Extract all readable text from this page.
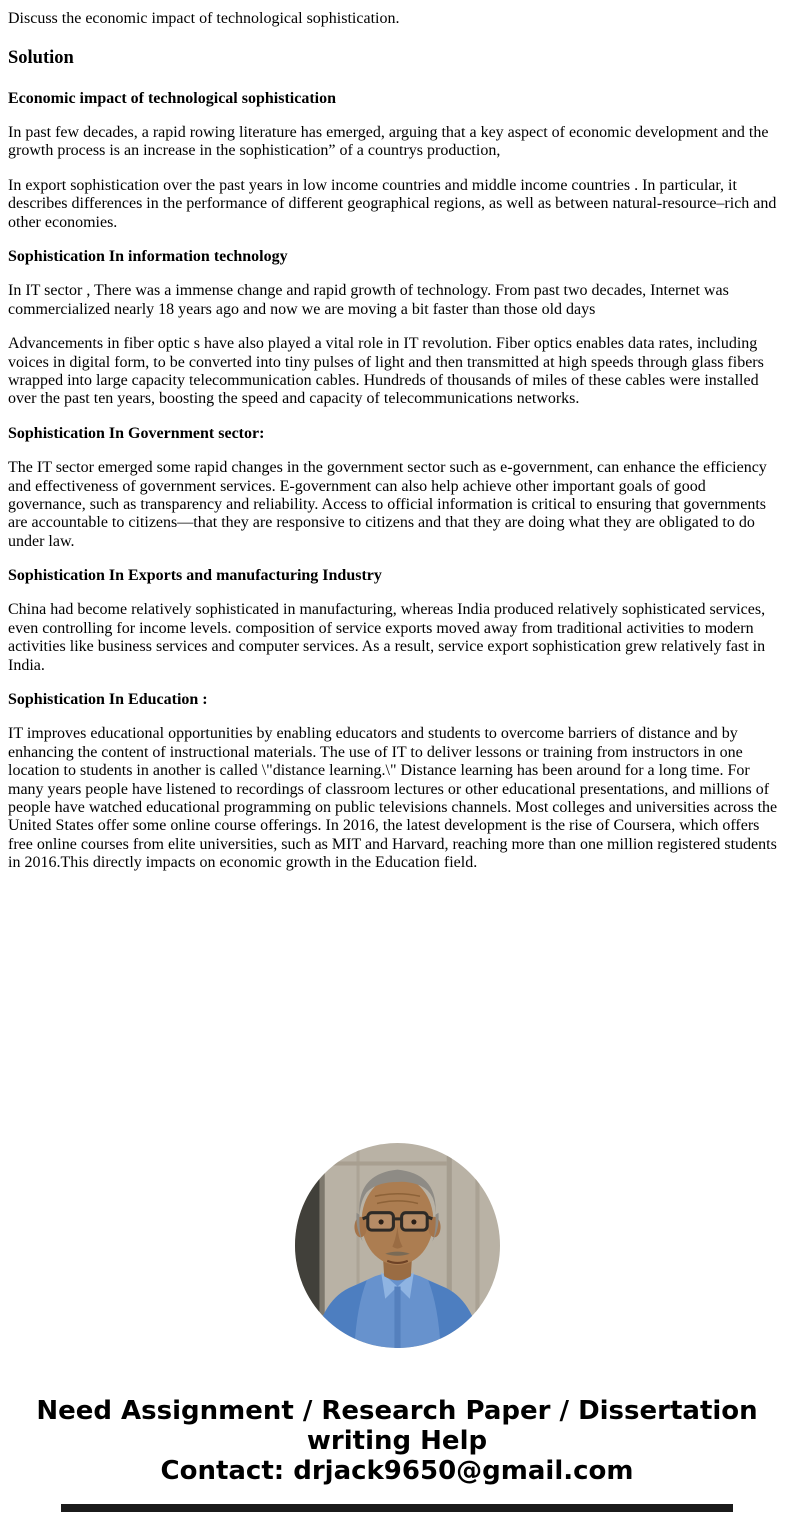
Discuss the economic impact of technological sophistication.

Solution
Economic impact of technological sophistication

In past few decades, a rapid rowing literature has emerged, arguing that a key aspect of economic development and the growth process is an increase in the sophistication” of a countrys production,

In export sophistication over the past years in low income countries and middle income countries . In particular, it describes differences in the performance of different geographical regions, as well as between natural-resource–rich and other economies.

Sophistication In information technology

In IT sector , There was a immense change and rapid growth of technology. From past two decades, Internet was commercialized nearly 18 years ago and now we are moving a bit faster than those old days

Advancements in fiber optic s have also played a vital role in IT revolution. Fiber optics enables data rates, including voices in digital form, to be converted into tiny pulses of light and then transmitted at high speeds through glass fibers wrapped into large capacity telecommunication cables. Hundreds of thousands of miles of these cables were installed over the past ten years, boosting the speed and capacity of telecommunications networks.

Sophistication In Government sector:

The IT sector emerged some rapid changes in the government sector such as e-government, can enhance the efficiency and effectiveness of government services. E-government can also help achieve other important goals of good governance, such as transparency and reliability. Access to official information is critical to ensuring that governments are accountable to citizens—that they are responsive to citizens and that they are doing what they are obligated to do under law.

Sophistication In Exports and manufacturing Industry

China had become relatively sophisticated in manufacturing, whereas India produced relatively sophisticated services, even controlling for income levels. composition of service exports moved away from traditional activities to modern activities like business services and computer services. As a result, service export sophistication grew relatively fast in India.

Sophistication In Education :

IT improves educational opportunities by enabling educators and students to overcome barriers of distance and by enhancing the content of instructional materials. The use of IT to deliver lessons or training from instructors in one location to students in another is called \"distance learning.\" Distance learning has been around for a long time. For many years people have listened to recordings of classroom lectures or other educational presentations, and millions of people have watched educational programming on public televisions channels. Most colleges and universities across the United States offer some online course offerings. In 2016, the latest development is the rise of Coursera, which offers free online courses from elite universities, such as MIT and Harvard, reaching more than one million registered students in 2016.This directly impacts on economic growth in the Education field.

Need Assignment / Research Paper / Dissertation
writing Help
Contact: drjack9650@gmail.com
